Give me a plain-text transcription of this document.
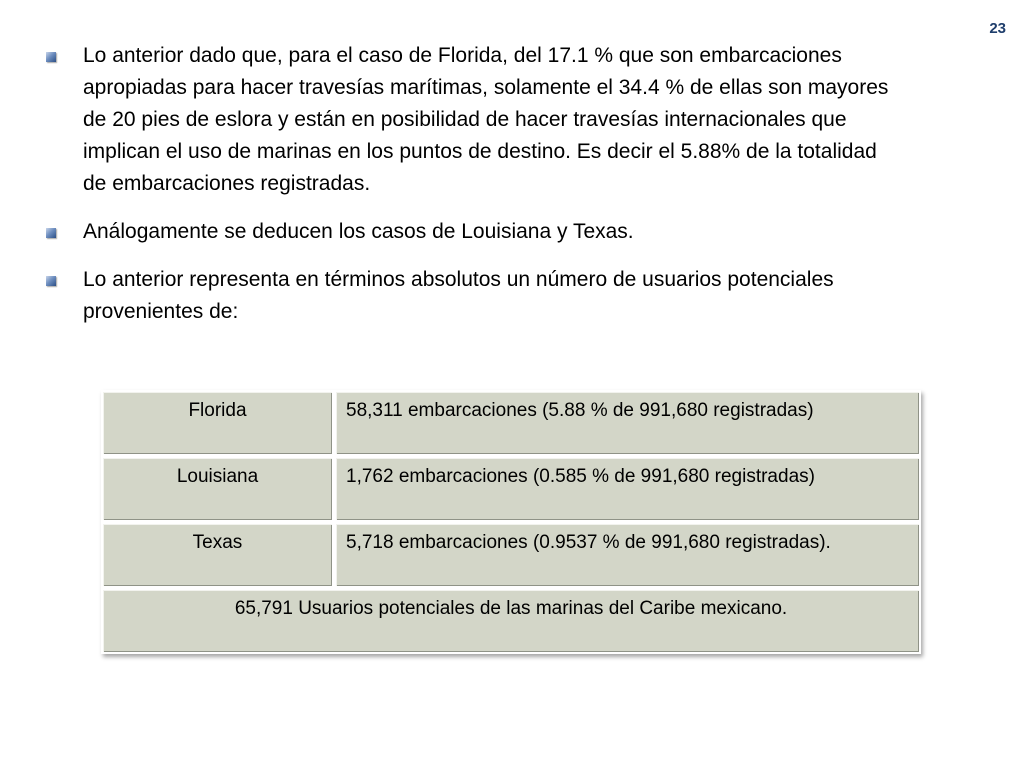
23
Lo anterior dado que, para el caso de Florida, del 17.1 % que son embarcaciones apropiadas para hacer travesías marítimas, solamente el 34.4 % de ellas son mayores de 20 pies de eslora y están en posibilidad de hacer travesías internacionales que implican el uso de marinas en los puntos de destino. Es decir el 5.88% de la totalidad de embarcaciones registradas.
Análogamente se deducen los casos de Louisiana y Texas.
Lo anterior representa en términos absolutos un número de usuarios potenciales provenientes de:
Florida	58,311 embarcaciones (5.88 % de 991,680 registradas)
Louisiana	1,762 embarcaciones (0.585 % de 991,680 registradas)
Texas	5,718 embarcaciones (0.9537 % de 991,680 registradas).
65,791 Usuarios potenciales de las marinas del Caribe mexicano.	
